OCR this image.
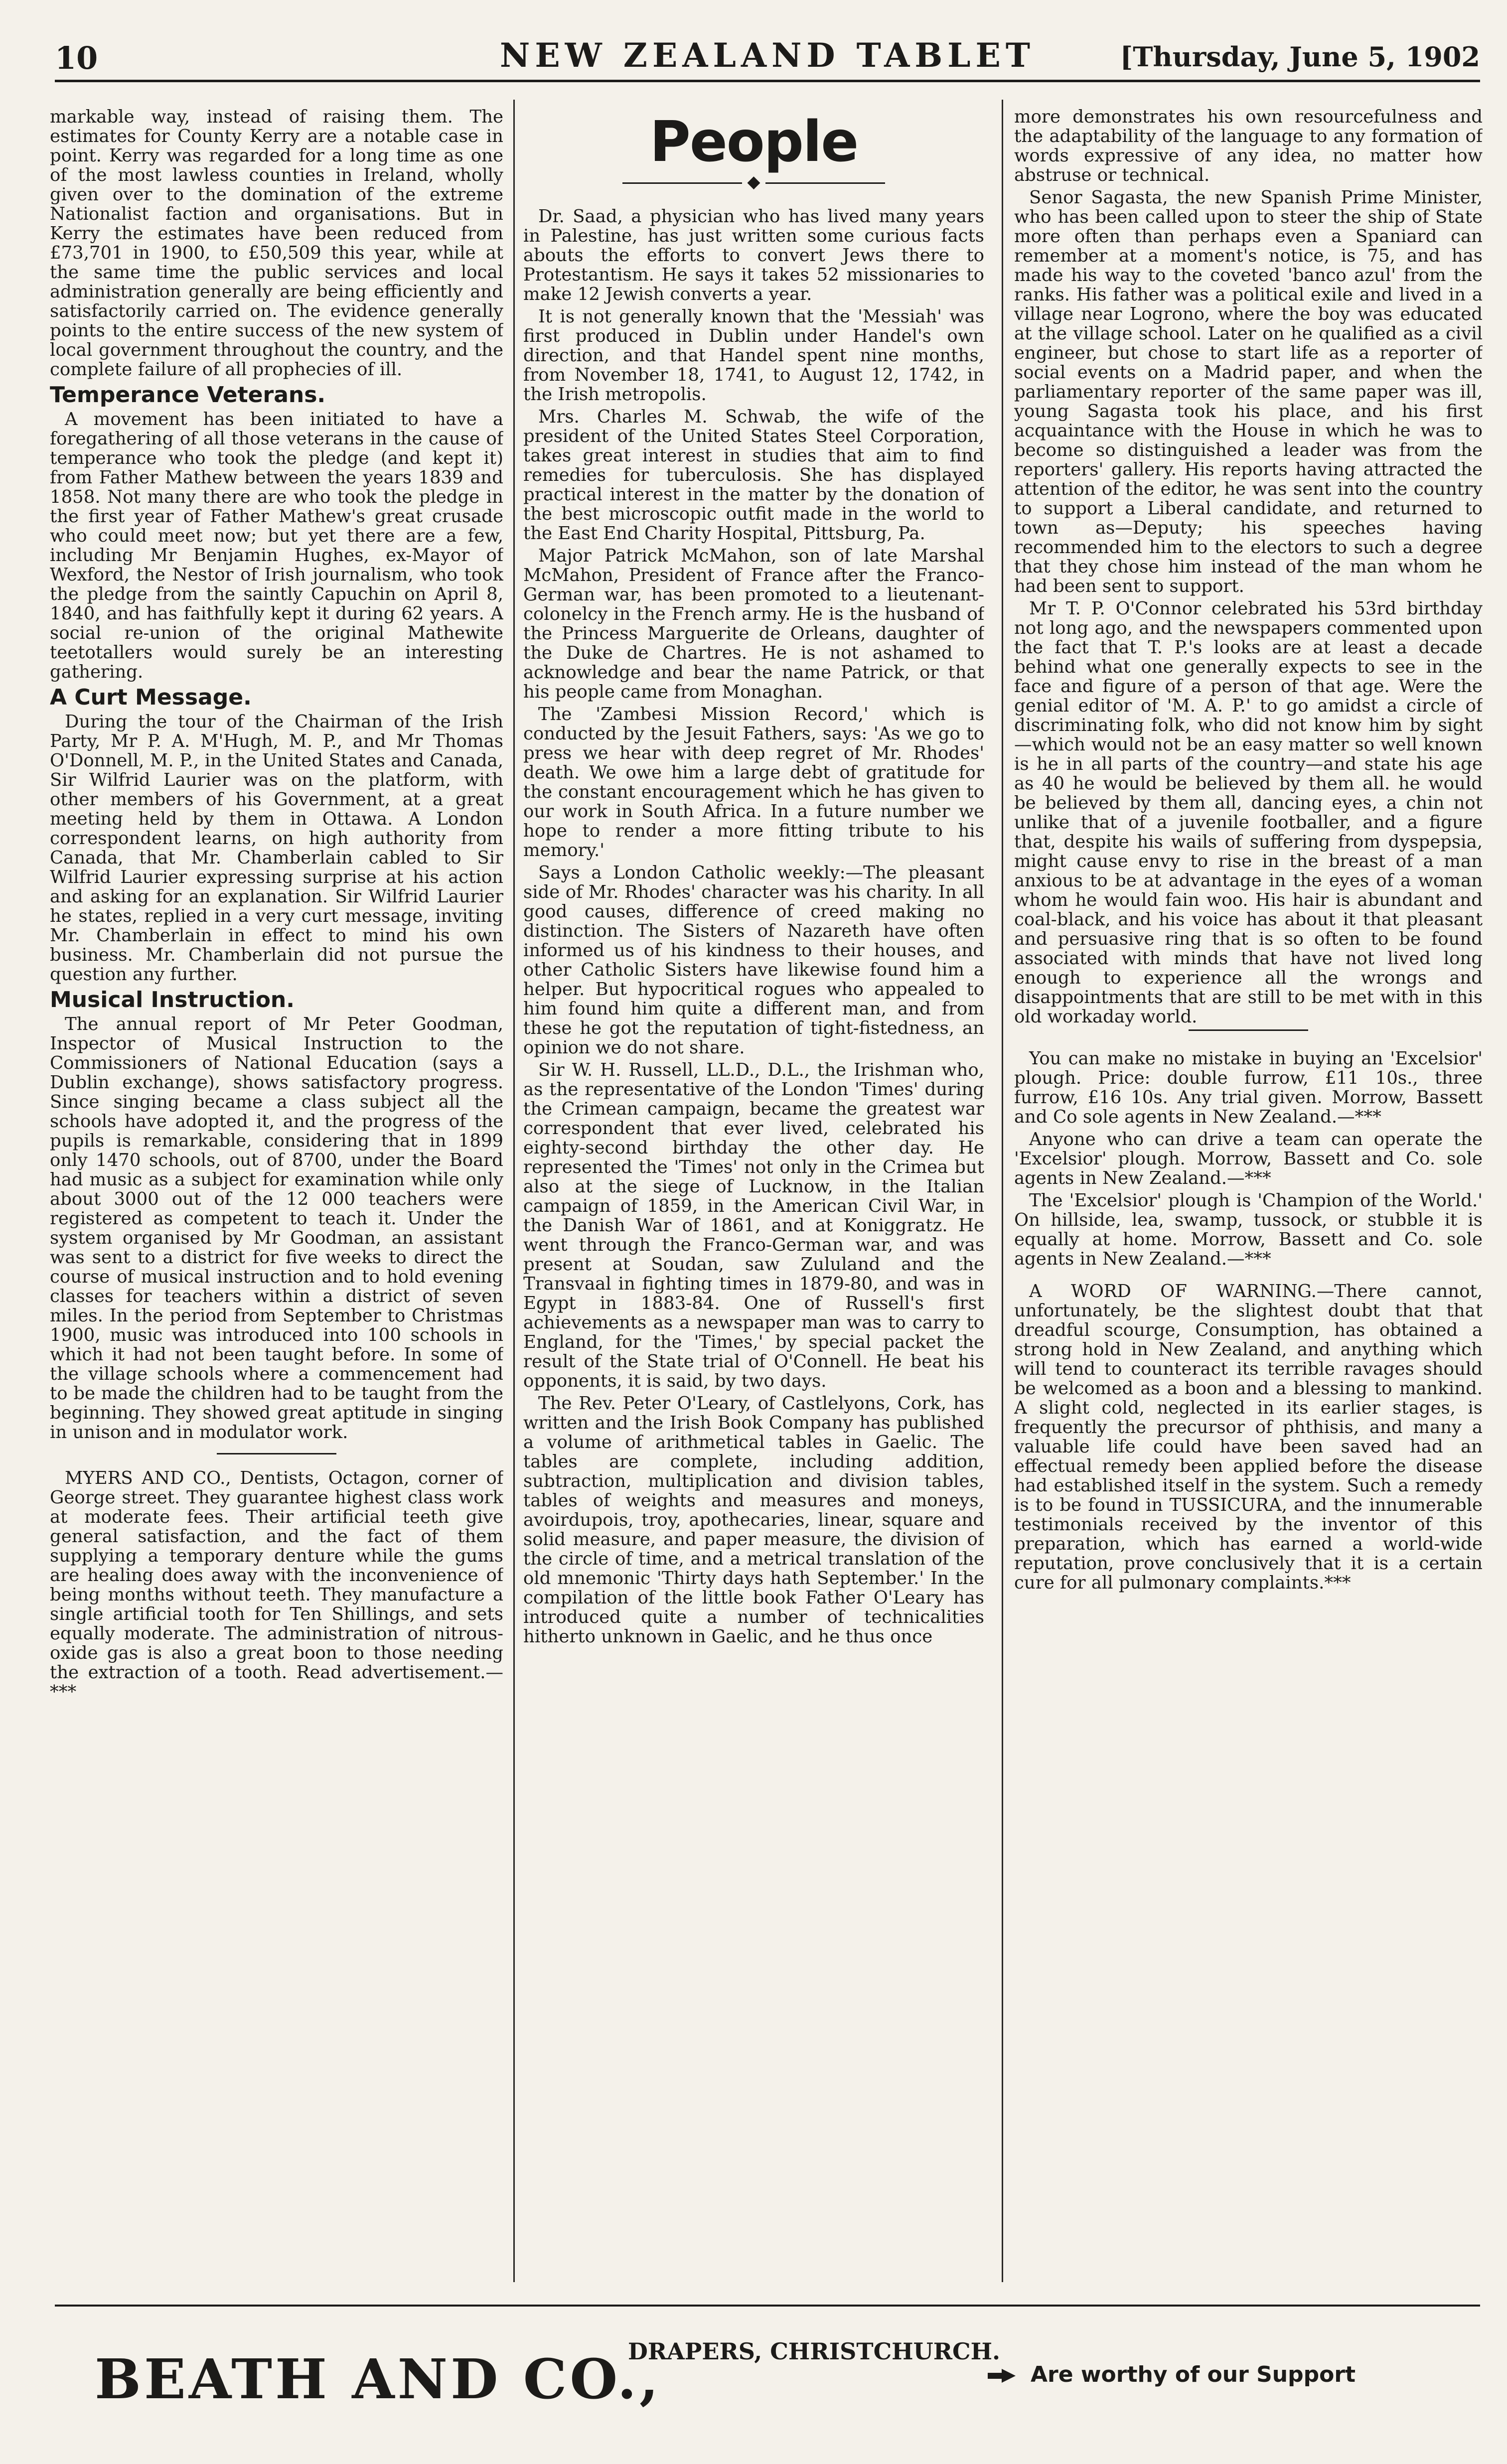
10	NEW ZEALAND TABLET	[Thursday, June 5, 1902

markable way, instead of raising them. The estimates for County Kerry are a notable case in point. Kerry was regarded for a long time as one of the most lawless counties in Ireland, wholly given over to the domination of the extreme Nationalist faction and organisations. But in Kerry the estimates have been reduced from £73,701 in 1900, to £50,509 this year, while at the same time the public services and local administration generally are being efficiently and satisfactorily carried on. The evidence generally points to the entire success of the new system of local government throughout the country, and the complete failure of all prophecies of ill.

Temperance Veterans.

A movement has been initiated to have a foregathering of all those veterans in the cause of temperance who took the pledge (and kept it) from Father Mathew between the years 1839 and 1858. Not many there are who took the pledge in the first year of Father Mathew's great crusade who could meet now; but yet there are a few, including Mr Benjamin Hughes, ex-Mayor of Wexford, the Nestor of Irish journalism, who took the pledge from the saintly Capuchin on April 8, 1840, and has faithfully kept it during 62 years. A social re-union of the original Mathewite teetotallers would surely be an interesting gathering.

A Curt Message.

During the tour of the Chairman of the Irish Party, Mr P. A. M'Hugh, M. P., and Mr Thomas O'Donnell, M. P., in the United States and Canada, Sir Wilfrid Laurier was on the platform, with other members of his Government, at a great meeting held by them in Ottawa. A London correspondent learns, on high authority from Canada, that Mr. Chamberlain cabled to Sir Wilfrid Laurier expressing surprise at his action and asking for an explanation. Sir Wilfrid Laurier he states, replied in a very curt message, inviting Mr. Chamberlain in effect to mind his own business. Mr. Chamberlain did not pursue the question any further.

Musical Instruction.

The annual report of Mr Peter Goodman, Inspector of Musical Instruction to the Commissioners of National Education (says a Dublin exchange), shows satisfactory progress. Since singing became a class subject all the schools have adopted it, and the progress of the pupils is remarkable, considering that in 1899 only 1470 schools, out of 8700, under the Board had music as a subject for examination while only about 3000 out of the 12 000 teachers were registered as competent to teach it. Under the system organised by Mr Goodman, an assistant was sent to a district for five weeks to direct the course of musical instruction and to hold evening classes for teachers within a district of seven miles. In the period from September to Christmas 1900, music was introduced into 100 schools in which it had not been taught before. In some of the village schools where a commencement had to be made the children had to be taught from the beginning. They showed great aptitude in singing in unison and in modulator work.

MYERS AND CO., Dentists, Octagon, corner of George street. They guarantee highest class work at moderate fees. Their artificial teeth give general satisfaction, and the fact of them supplying a temporary denture while the gums are healing does away with the inconvenience of being months without teeth. They manufacture a single artificial tooth for Ten Shillings, and sets equally moderate. The administration of nitrous-oxide gas is also a great boon to those needing the extraction of a tooth. Read advertisement.—***

People
◆

Dr. Saad, a physician who has lived many years in Palestine, has just written some curious facts abouts the efforts to convert Jews there to Protestantism. He says it takes 52 missionaries to make 12 Jewish converts a year.

It is not generally known that the 'Messiah' was first produced in Dublin under Handel's own direction, and that Handel spent nine months, from November 18, 1741, to August 12, 1742, in the Irish metropolis.

Mrs. Charles M. Schwab, the wife of the president of the United States Steel Corporation, takes great interest in studies that aim to find remedies for tuberculosis. She has displayed practical interest in the matter by the donation of the best microscopic outfit made in the world to the East End Charity Hospital, Pittsburg, Pa.

Major Patrick McMahon, son of late Marshal McMahon, President of France after the Franco-German war, has been promoted to a lieutenant-colonelcy in the French army. He is the husband of the Princess Marguerite de Orleans, daughter of the Duke de Chartres. He is not ashamed to acknowledge and bear the name Patrick, or that his people came from Monaghan.

The 'Zambesi Mission Record,' which is conducted by the Jesuit Fathers, says: 'As we go to press we hear with deep regret of Mr. Rhodes' death. We owe him a large debt of gratitude for the constant encouragement which he has given to our work in South Africa. In a future number we hope to render a more fitting tribute to his memory.'

Says a London Catholic weekly:—The pleasant side of Mr. Rhodes' character was his charity. In all good causes, difference of creed making no distinction. The Sisters of Nazareth have often informed us of his kindness to their houses, and other Catholic Sisters have likewise found him a helper. But hypocritical rogues who appealed to him found him quite a different man, and from these he got the reputation of tight-fistedness, an opinion we do not share.

Sir W. H. Russell, LL.D., D.L., the Irishman who, as the representative of the London 'Times' during the Crimean campaign, became the greatest war correspondent that ever lived, celebrated his eighty-second birthday the other day. He represented the 'Times' not only in the Crimea but also at the siege of Lucknow, in the Italian campaign of 1859, in the American Civil War, in the Danish War of 1861, and at Koniggratz. He went through the Franco-German war, and was present at Soudan, saw Zululand and the Transvaal in fighting times in 1879-80, and was in Egypt in 1883-84. One of Russell's first achievements as a newspaper man was to carry to England, for the 'Times,' by special packet the result of the State trial of O'Connell. He beat his opponents, it is said, by two days.

The Rev. Peter O'Leary, of Castlelyons, Cork, has written and the Irish Book Company has published a volume of arithmetical tables in Gaelic. The tables are complete, including addition, subtraction, multiplication and division tables, tables of weights and measures and moneys, avoirdupois, troy, apothecaries, linear, square and solid measure, and paper measure, the division of the circle of time, and a metrical translation of the old mnemonic 'Thirty days hath September.' In the compilation of the little book Father O'Leary has introduced quite a number of technicalities hitherto unknown in Gaelic, and he thus once

more demonstrates his own resourcefulness and the adaptability of the language to any formation of words expressive of any idea, no matter how abstruse or technical.

Senor Sagasta, the new Spanish Prime Minister, who has been called upon to steer the ship of State more often than perhaps even a Spaniard can remember at a moment's notice, is 75, and has made his way to the coveted 'banco azul' from the ranks. His father was a political exile and lived in a village near Logrono, where the boy was educated at the village school. Later on he qualified as a civil engineer, but chose to start life as a reporter of social events on a Madrid paper, and when the parliamentary reporter of the same paper was ill, young Sagasta took his place, and his first acquaintance with the House in which he was to become so distinguished a leader was from the reporters' gallery. His reports having attracted the attention of the editor, he was sent into the country to support a Liberal candidate, and returned to town as—Deputy; his speeches having recommended him to the electors to such a degree that they chose him instead of the man whom he had been sent to support.

Mr T. P. O'Connor celebrated his 53rd birthday not long ago, and the newspapers commented upon the fact that T. P.'s looks are at least a decade behind what one generally expects to see in the face and figure of a person of that age. Were the genial editor of 'M. A. P.' to go amidst a circle of discriminating folk, who did not know him by sight—which would not be an easy matter so well known is he in all parts of the country—and state his age as 40 he would be believed by them all. he would be believed by them all, dancing eyes, a chin not unlike that of a juvenile footballer, and a figure that, despite his wails of suffering from dyspepsia, might cause envy to rise in the breast of a man anxious to be at advantage in the eyes of a woman whom he would fain woo. His hair is abundant and coal-black, and his voice has about it that pleasant and persuasive ring that is so often to be found associated with minds that have not lived long enough to experience all the wrongs and disappointments that are still to be met with in this old workaday world.

You can make no mistake in buying an 'Excelsior' plough. Price: double furrow, £11 10s., three furrow, £16 10s. Any trial given. Morrow, Bassett and Co sole agents in New Zealand.—***

Anyone who can drive a team can operate the 'Excelsior' plough. Morrow, Bassett and Co. sole agents in New Zealand.—***

The 'Excelsior' plough is 'Champion of the World.' On hillside, lea, swamp, tussock, or stubble it is equally at home. Morrow, Bassett and Co. sole agents in New Zealand.—***

A WORD OF WARNING.—There cannot, unfortunately, be the slightest doubt that that dreadful scourge, Consumption, has obtained a strong hold in New Zealand, and anything which will tend to counteract its terrible ravages should be welcomed as a boon and a blessing to mankind. A slight cold, neglected in its earlier stages, is frequently the precursor of phthisis, and many a valuable life could have been saved had an effectual remedy been applied before the disease had established itself in the system. Such a remedy is to be found in TUSSICURA, and the innumerable testimonials received by the inventor of this preparation, which has earned a world-wide reputation, prove conclusively that it is a certain cure for all pulmonary complaints.***

BEATH AND CO.,
DRAPERS, CHRISTCHURCH.
Are worthy of our Support
